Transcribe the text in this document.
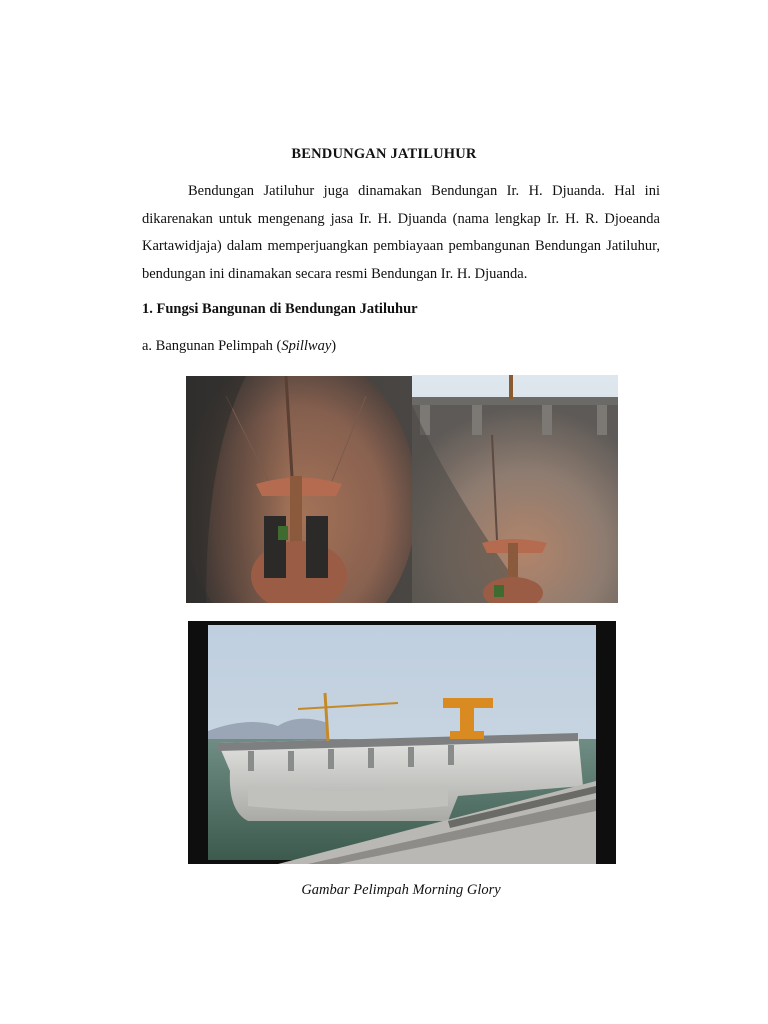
BENDUNGAN JATILUHUR

Bendungan Jatiluhur juga dinamakan Bendungan Ir. H. Djuanda. Hal ini dikarenakan untuk mengenang jasa Ir. H. Djuanda (nama lengkap Ir. H. R. Djoeanda Kartawidjaja) dalam memperjuangkan pembiayaan pembangunan Bendungan Jatiluhur, bendungan ini dinamakan secara resmi Bendungan Ir. H. Djuanda.

1. Fungsi Bangunan di Bendungan Jatiluhur
a. Bangunan Pelimpah (Spillway)
Gambar Pelimpah Morning Glory
